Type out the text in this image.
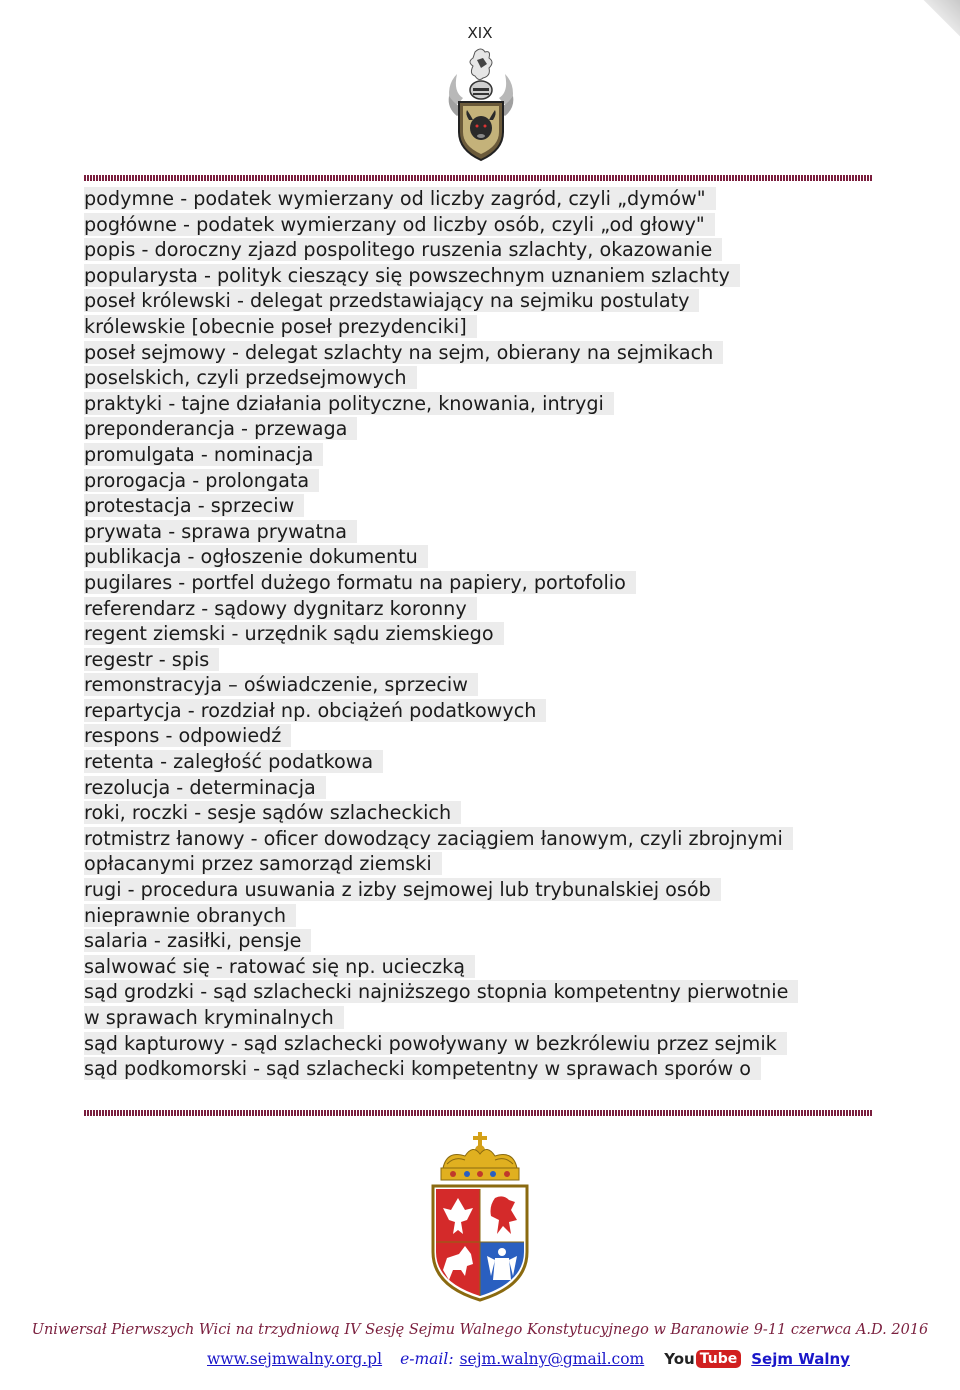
XIX
podymne - podatek wymierzany od liczby zagród, czyli „dymów"
pogłówne - podatek wymierzany od liczby osób, czyli „od głowy"
popis - doroczny zjazd pospolitego ruszenia szlachty, okazowanie
popularysta - polityk cieszący się powszechnym uznaniem szlachty
poseł królewski - delegat przedstawiający na sejmiku postulaty
królewskie [obecnie poseł prezydenciki]
poseł sejmowy - delegat szlachty na sejm, obierany na sejmikach
poselskich, czyli przedsejmowych
praktyki - tajne działania polityczne, knowania, intrygi
preponderancja - przewaga
promulgata - nominacja
prorogacja - prolongata
protestacja - sprzeciw
prywata - sprawa prywatna
publikacja - ogłoszenie dokumentu
pugilares - portfel dużego formatu na papiery, portofolio
referendarz - sądowy dygnitarz koronny
regent ziemski - urzędnik sądu ziemskiego
regestr - spis
remonstracyja – oświadczenie, sprzeciw
repartycja - rozdział np. obciążeń podatkowych
respons - odpowiedź
retenta - zaległość podatkowa
rezolucja - determinacja
roki, roczki - sesje sądów szlacheckich
rotmistrz łanowy - oficer dowodzący zaciągiem łanowym, czyli zbrojnymi
opłacanymi przez samorząd ziemski
rugi - procedura usuwania z izby sejmowej lub trybunalskiej osób
nieprawnie obranych
salaria - zasiłki, pensje
salwować się - ratować się np. ucieczką
sąd grodzki - sąd szlachecki najniższego stopnia kompetentny pierwotnie
w sprawach kryminalnych
sąd kapturowy - sąd szlachecki powoływany w bezkrólewiu przez sejmik
sąd podkomorski - sąd szlachecki kompetentny w sprawach sporów o
Uniwersał Pierwszych Wici na trzydniową IV Sesję Sejmu Walnego Konstytucyjnego w Baranowie 9-11 czerwca A.D. 2016
www.sejmwalny.org.pl e-mail: sejm.walny@gmail.com You Tube Sejm Walny
